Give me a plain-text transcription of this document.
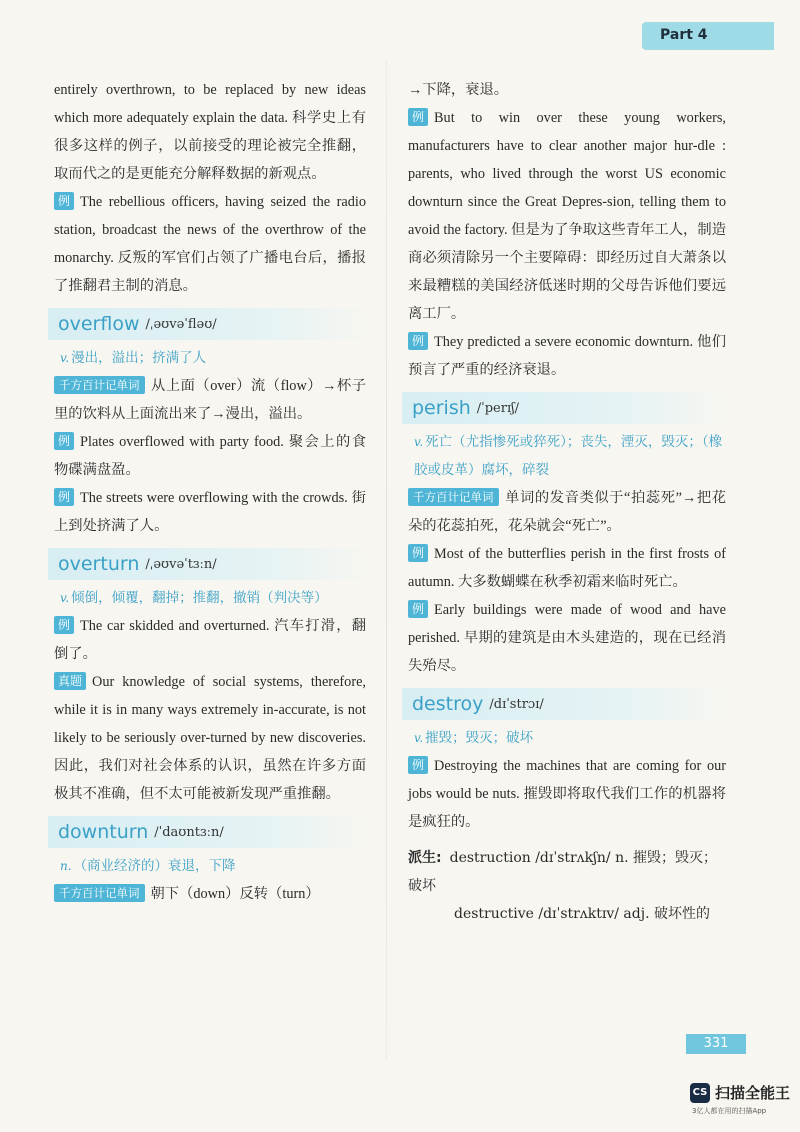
Part 4

entirely overthrown, to be replaced by new ideas which more adequately explain the data. 科学史上有很多这样的例子，以前接受的理论被完全推翻，取而代之的是更能充分解释数据的新观点。

例 The rebellious officers, having seized the radio station, broadcast the news of the overthrow of the monarchy. 反叛的军官们占领了广播电台后，播报了推翻君主制的消息。

overflow /ˌəʊvəˈfləʊ/
v. 漫出，溢出；挤满了人

千方百计记单词 从上面（over）流（flow）→杯子里的饮料从上面流出来了→漫出，溢出。

例 Plates overflowed with party food. 聚会上的食物碟满盘盈。

例 The streets were overflowing with the crowds. 街上到处挤满了人。

overturn /ˌəʊvəˈtɜːn/
v. 倾倒，倾覆，翻掉；推翻，撤销（判决等）

例 The car skidded and overturned. 汽车打滑，翻倒了。

真题 Our knowledge of social systems, therefore, while it is in many ways extremely in-accurate, is not likely to be seriously over-turned by new discoveries. 因此，我们对社会体系的认识，虽然在许多方面极其不准确，但不太可能被新发现严重推翻。

downturn /ˈdaʊntɜːn/
n. （商业经济的）衰退，下降

千方百计记单词 朝下（down）反转（turn）

→下降，衰退。

例 But to win over these young workers, manufacturers have to clear another major hur-dle : parents, who lived through the worst US economic downturn since the Great Depres-sion, telling them to avoid the factory. 但是为了争取这些青年工人，制造商必须清除另一个主要障碍：即经历过自大萧条以来最糟糕的美国经济低迷时期的父母告诉他们要远离工厂。

例 They predicted a severe economic downturn. 他们预言了严重的经济衰退。

perish /ˈperɪʃ/
v. 死亡（尤指惨死或猝死）；丧失，湮灭，毁灭；（橡胶或皮革）腐坏，碎裂

千方百计记单词 单词的发音类似于“拍蕊死”→把花朵的花蕊拍死，花朵就会“死亡”。

例 Most of the butterflies perish in the first frosts of autumn. 大多数蝴蝶在秋季初霜来临时死亡。

例 Early buildings were made of wood and have perished. 早期的建筑是由木头建造的，现在已经消失殆尽。

destroy /dɪˈstrɔɪ/
v. 摧毁；毁灭；破坏

例 Destroying the machines that are coming for our jobs would be nuts. 摧毁即将取代我们工作的机器将是疯狂的。

派生: destruction /dɪˈstrʌkʃn/ n. 摧毁；毁灭；破坏
destructive /dɪˈstrʌktɪv/ adj. 破坏性的
331
CS 扫描全能王
3亿人都在用的扫描App
